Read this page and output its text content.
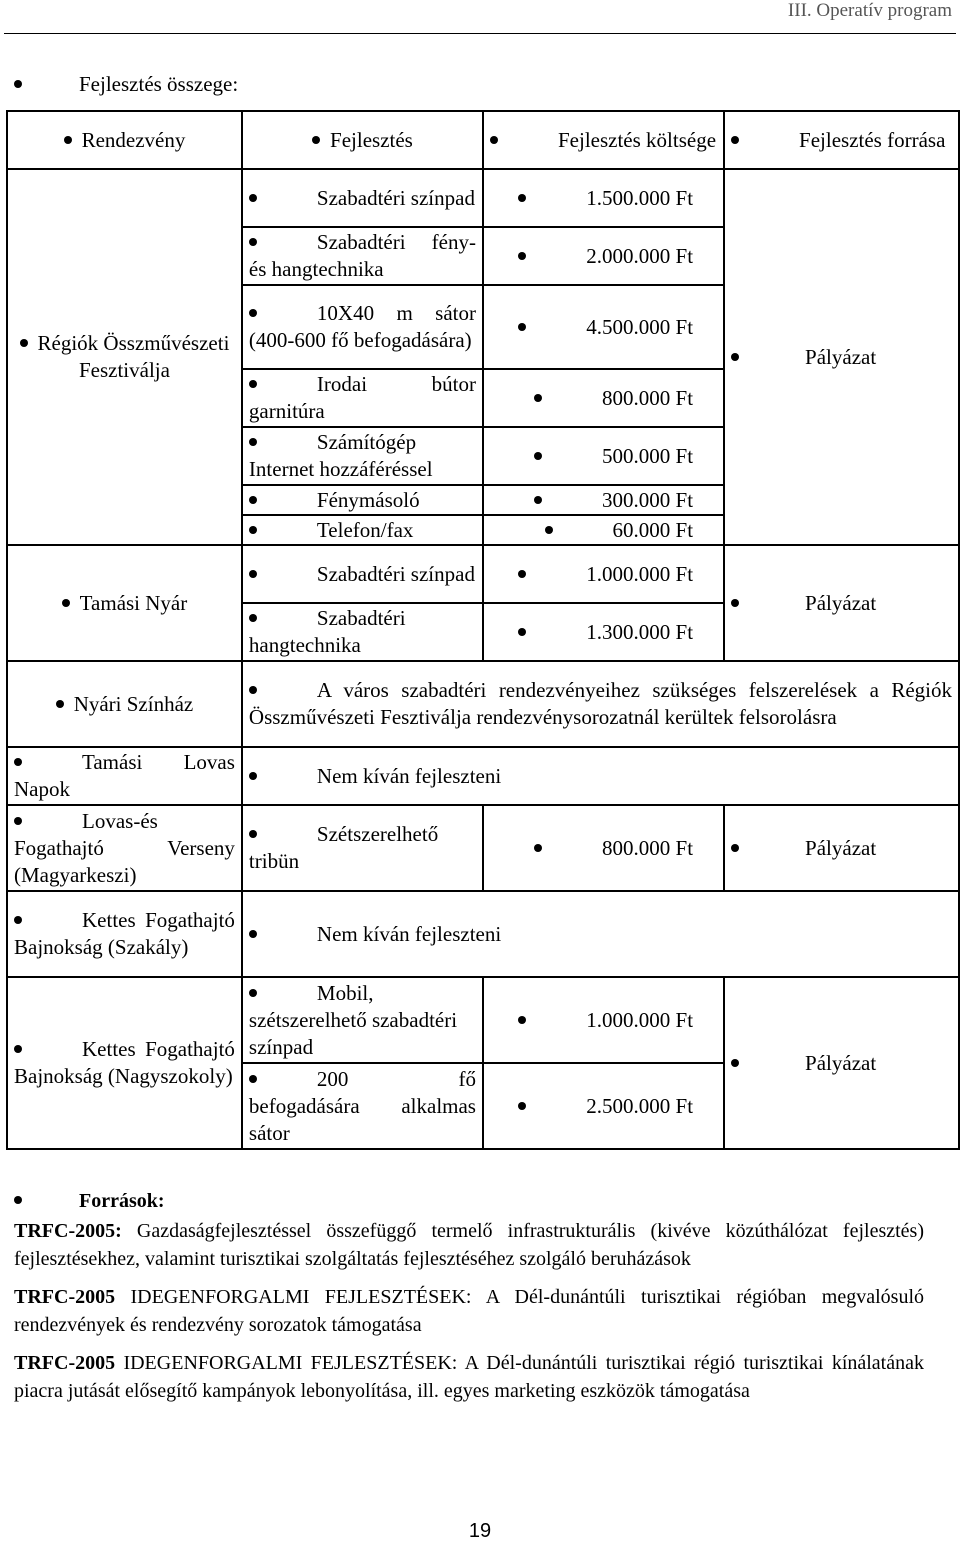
III. Operatív program
Fejlesztés összege:
Rendezvény	Fejlesztés	Fejlesztés költsége	Fejlesztés forrása
Régiók Összművészeti Fesztiválja	Szabadtéri színpad	1.500.000 Ft	Pályázat
	Szabadtéri fény- és hangtechnika	2.000.000 Ft	
	10X40 m sátor (400-600 fő befogadására)	4.500.000 Ft	
	Irodai bútor garnitúra	800.000 Ft	
	Számítógép Internet hozzáféréssel	500.000 Ft	
	Fénymásoló	300.000 Ft	
	Telefon/fax	60.000 Ft	
Tamási Nyár	Szabadtéri színpad	1.000.000 Ft	Pályázat
	Szabadtéri hangtechnika	1.300.000 Ft	
Nyári Színház	A város szabadtéri rendezvényeihez szükséges felszerelések a Régiók Összművészeti Fesztiválja rendezvénysorozatnál kerültek felsorolásra		
Tamási Lovas Napok	Nem kíván fejleszteni		
Lovas-és Fogathajtó Verseny (Magyarkeszi)	Szétszerelhető tribün	800.000 Ft	Pályázat
Kettes Fogathajtó Bajnokság (Szakály)	Nem kíván fejleszteni		
Kettes Fogathajtó Bajnokság (Nagyszokoly)	Mobil, szétszerelhető szabadtéri színpad	1.000.000 Ft	Pályázat
	200 fő befogadására alkalmas sátor	2.500.000 Ft	
Források:

TRFC-2005: Gazdaságfejlesztéssel összefüggő termelő infrastrukturális (kivéve közúthálózat fejlesztés) fejlesztésekhez, valamint turisztikai szolgáltatás fejlesztéséhez szolgáló beruházások

TRFC-2005 IDEGENFORGALMI FEJLESZTÉSEK: A Dél-dunántúli turisztikai régióban megvalósuló rendezvények és rendezvény sorozatok támogatása

TRFC-2005 IDEGENFORGALMI FEJLESZTÉSEK: A Dél-dunántúli turisztikai régió turisztikai kínálatának piacra jutását elősegítő kampányok lebonyolítása, ill. egyes marketing eszközök támogatása

19
